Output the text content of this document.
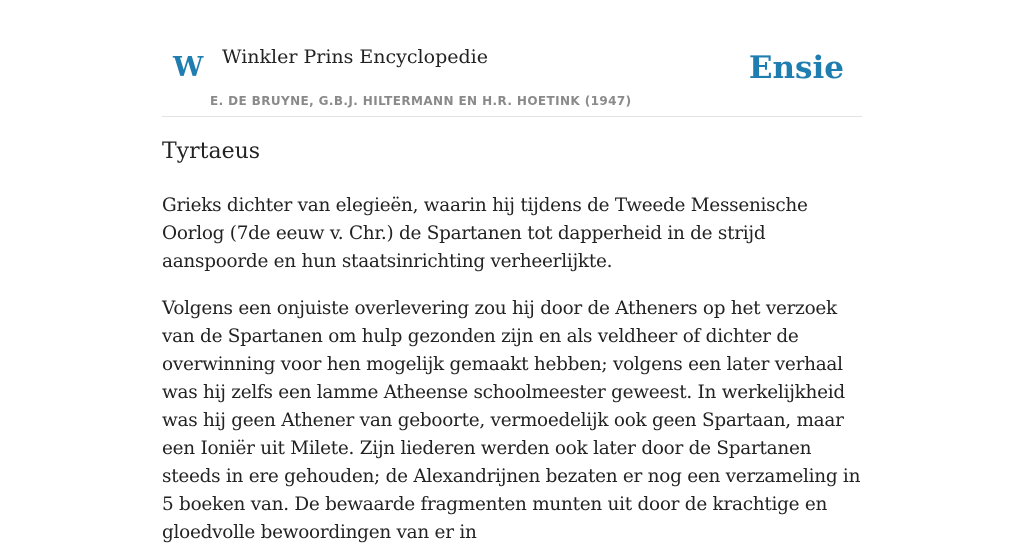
W Winkler Prins Encyclopedie
E. DE BRUYNE, G.B.J. HILTERMANN EN H.R. HOETINK (1947)
Ensie
Tyrtaeus

Grieks dichter van elegieën, waarin hij tijdens de Tweede Messenische Oorlog (7de eeuw v. Chr.) de Spartanen tot dapperheid in de strijd aanspoorde en hun staatsinrichting verheerlijkte.

Volgens een onjuiste overlevering zou hij door de Atheners op het verzoek van de Spartanen om hulp gezonden zijn en als veldheer of dichter de overwinning voor hen mogelijk gemaakt hebben; volgens een later verhaal was hij zelfs een lamme Atheense schoolmeester geweest. In werkelijkheid was hij geen Athener van geboorte, vermoedelijk ook geen Spartaan, maar een Ioniër uit Milete. Zijn liederen werden ook later door de Spartanen steeds in ere gehouden; de Alexandrijnen bezaten er nog een verzameling in 5 boeken van. De bewaarde fragmenten munten uit door de krachtige en gloedvolle bewoordingen van er in
